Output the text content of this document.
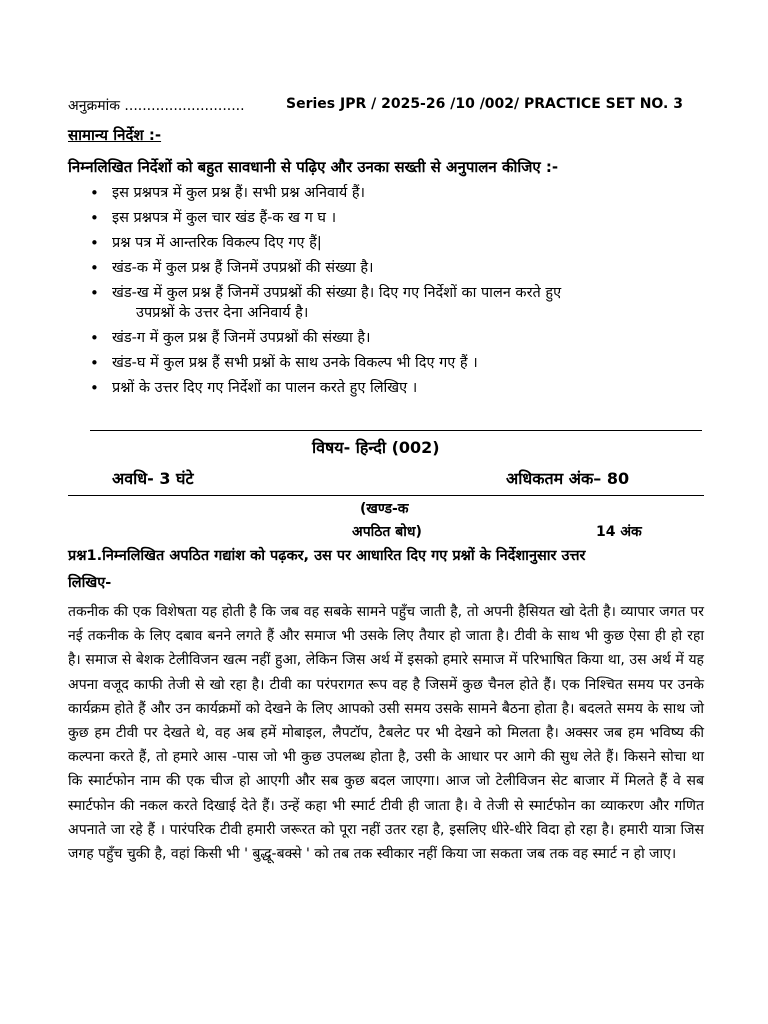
अनुक्रमांक ...........................	Series JPR / 2025-26 /10 /002/ PRACTICE SET NO. 3
सामान्य निर्देश :-
निम्नलिखित निर्देशों को बहुत सावधानी से पढ़िए और उनका सख्ती से अनुपालन कीजिए :-
• इस प्रश्नपत्र में कुल प्रश्न हैं। सभी प्रश्न अनिवार्य हैं।
• इस प्रश्नपत्र में कुल चार खंड हैं-क ख ग घ ।
• प्रश्न पत्र में आन्तरिक विकल्प दिए गए हैं|
• खंड-क में कुल प्रश्न हैं जिनमें उपप्रश्नों की संख्या है।
• खंड-ख में कुल प्रश्न हैं जिनमें उपप्रश्नों की संख्या है। दिए गए निर्देशों का पालन करते हुए
उपप्रश्नों के उत्तर देना अनिवार्य है।
• खंड-ग में कुल प्रश्न हैं जिनमें उपप्रश्नों की संख्या है।
• खंड-घ में कुल प्रश्न हैं सभी प्रश्नों के साथ उनके विकल्प भी दिए गए हैं ।
• प्रश्नों के उत्तर दिए गए निर्देशों का पालन करते हुए लिखिए ।
विषय- हिन्दी (002)
अवधि- 3 घंटे	अधिकतम अंक– 80
(खण्ड-क
अपठित बोध)	14 अंक
प्रश्न1.निम्नलिखित अपठित गद्यांश को पढ़कर, उस पर आधारित दिए गए प्रश्नों के निर्देशानुसार उत्तर
लिखिए-
तकनीक की एक विशेषता यह होती है कि जब वह सबके सामने पहुँच जाती है, तो अपनी हैसियत खो देती है। व्यापार जगत पर नई तकनीक के लिए दबाव बनने लगते हैं और समाज भी उसके लिए तैयार हो जाता है। टीवी के साथ भी कुछ ऐसा ही हो रहा है। समाज से बेशक टेलीविजन खत्म नहीं हुआ, लेकिन जिस अर्थ में इसको हमारे समाज में परिभाषित किया था, उस अर्थ में यह अपना वजूद काफी तेजी से खो रहा है। टीवी का परंपरागत रूप वह है जिसमें कुछ चैनल होते हैं। एक निश्चित समय पर उनके कार्यक्रम होते हैं और उन कार्यक्रमों को देखने के लिए आपको उसी समय उसके सामने बैठना होता है। बदलते समय के साथ जो कुछ हम टीवी पर देखते थे, वह अब हमें मोबाइल, लैपटॉप, टैबलेट पर भी देखने को मिलता है। अक्सर जब हम भविष्य की कल्पना करते हैं, तो हमारे आस -पास जो भी कुछ उपलब्ध होता है, उसी के आधार पर आगे की सुध लेते हैं। किसने सोचा था कि स्मार्टफोन नाम की एक चीज हो आएगी और सब कुछ बदल जाएगा। आज जो टेलीविजन सेट बाजार में मिलते हैं वे सब स्मार्टफोन की नकल करते दिखाई देते हैं। उन्हें कहा भी स्मार्ट टीवी ही जाता है। वे तेजी से स्मार्टफोन का व्याकरण और गणित अपनाते जा रहे हैं । पारंपरिक टीवी हमारी जरूरत को पूरा नहीं उतर रहा है, इसलिए धीरे-धीरे विदा हो रहा है। हमारी यात्रा जिस जगह पहुँच चुकी है, वहां किसी भी ' बुद्धू-बक्से ' को तब तक स्वीकार नहीं किया जा सकता जब तक वह स्मार्ट न हो जाए।
